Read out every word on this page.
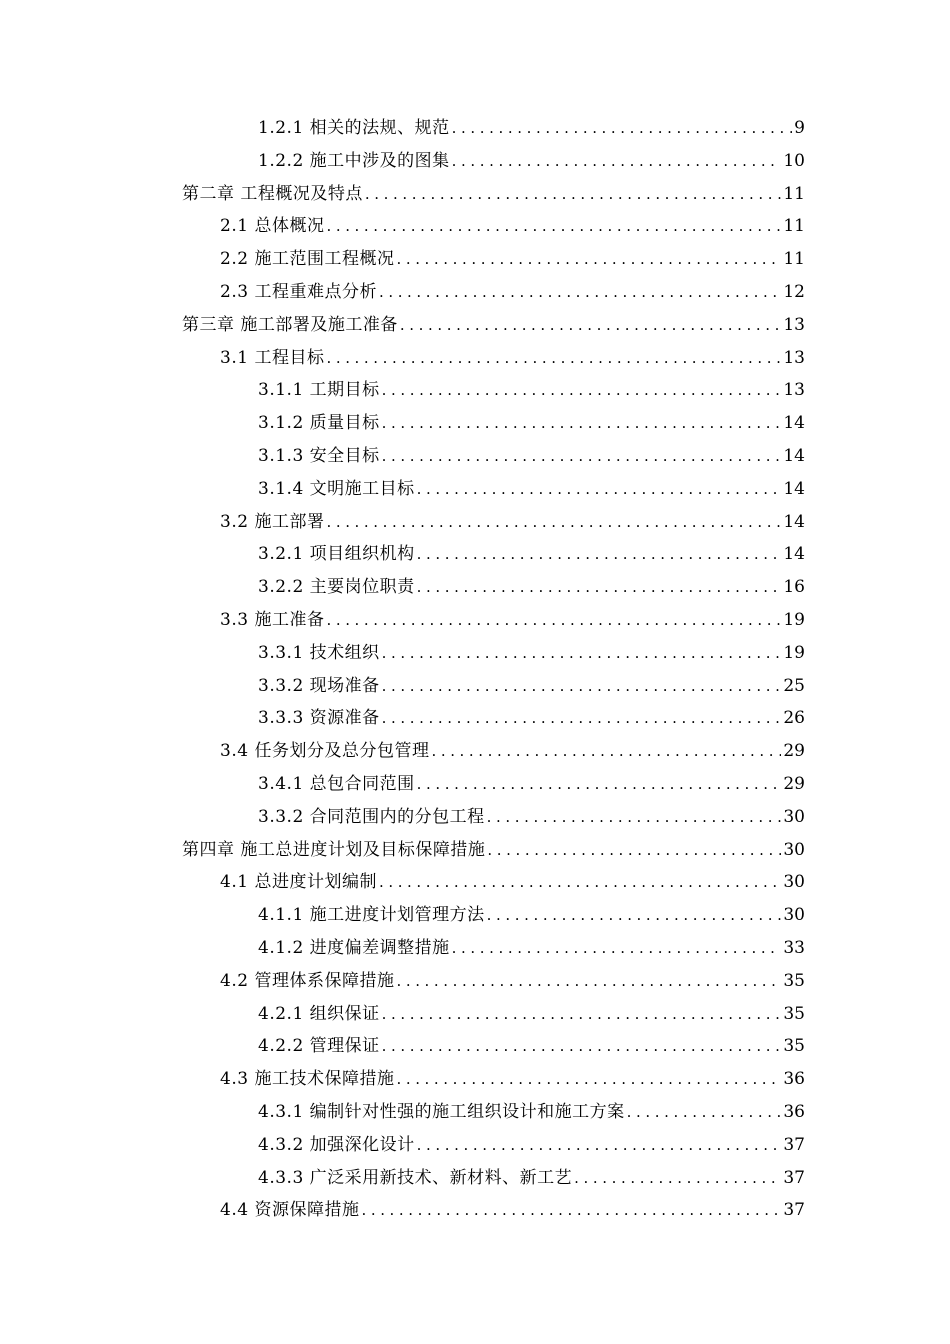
1.2.1 相关的法规、规范 .....	9
1.2.2 施工中涉及的图集 .....	10
第二章 工程概况及特点 .....	11
2.1 总体概况 .....	11
2.2 施工范围工程概况 .....	11
2.3 工程重难点分析 .....	12
第三章 施工部署及施工准备 .....	13
3.1 工程目标 .....	13
3.1.1 工期目标 .....	13
3.1.2 质量目标 .....	14
3.1.3 安全目标 .....	14
3.1.4 文明施工目标 .....	14
3.2 施工部署 .....	14
3.2.1 项目组织机构 .....	14
3.2.2 主要岗位职责 .....	16
3.3 施工准备 .....	19
3.3.1 技术组织 .....	19
3.3.2 现场准备 .....	25
3.3.3 资源准备 .....	26
3.4 任务划分及总分包管理 .....	29
3.4.1 总包合同范围 .....	29
3.3.2 合同范围内的分包工程 .....	30
第四章 施工总进度计划及目标保障措施 .....	30
4.1 总进度计划编制 .....	30
4.1.1 施工进度计划管理方法 .....	30
4.1.2 进度偏差调整措施 .....	33
4.2 管理体系保障措施 .....	35
4.2.1 组织保证 .....	35
4.2.2 管理保证 .....	35
4.3 施工技术保障措施 .....	36
4.3.1 编制针对性强的施工组织设计和施工方案 .....	36
4.3.2 加强深化设计 .....	37
4.3.3 广泛采用新技术、新材料、新工艺 .....	37
4.4 资源保障措施 .....	37
